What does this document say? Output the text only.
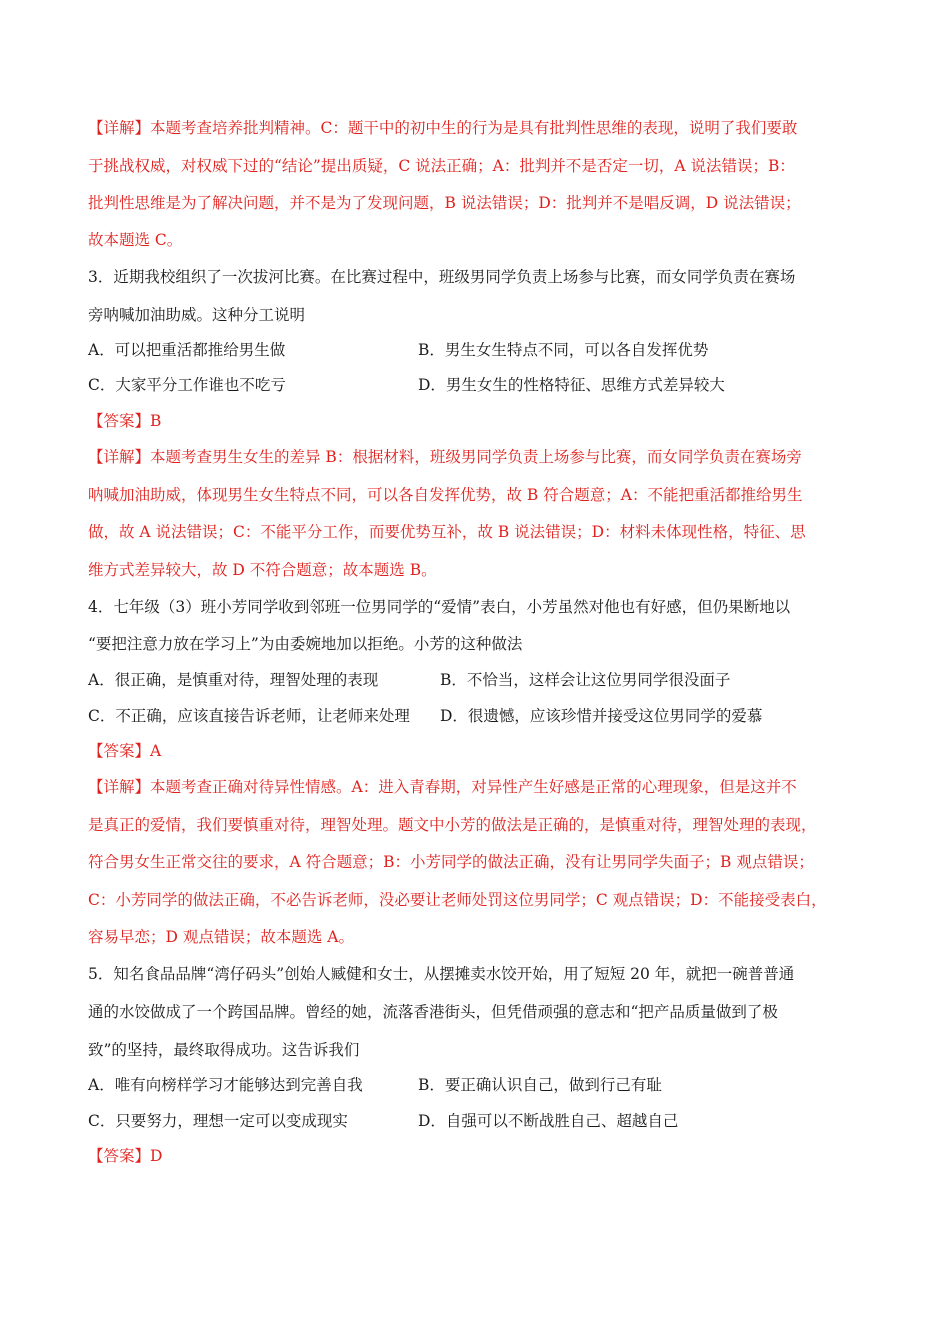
【详解】本题考查培养批判精神。C：题干中的初中生的行为是具有批判性思维的表现，说明了我们要敢
于挑战权威，对权威下过的“结论”提出质疑，C 说法正确；A：批判并不是否定一切，A 说法错误；B：
批判性思维是为了解决问题，并不是为了发现问题，B 说法错误；D：批判并不是唱反调，D 说法错误；
故本题选 C。
3．近期我校组织了一次拔河比赛。在比赛过程中，班级男同学负责上场参与比赛，而女同学负责在赛场
旁呐喊加油助威。这种分工说明
A．可以把重活都推给男生做	B．男生女生特点不同，可以各自发挥优势
C．大家平分工作谁也不吃亏	D．男生女生的性格特征、思维方式差异较大
【答案】B
【详解】本题考查男生女生的差异 B：根据材料，班级男同学负责上场参与比赛，而女同学负责在赛场旁
呐喊加油助威，体现男生女生特点不同，可以各自发挥优势，故 B 符合题意；A：不能把重活都推给男生
做，故 A 说法错误；C：不能平分工作，而要优势互补，故 B 说法错误；D：材料未体现性格，特征、思
维方式差异较大，故 D 不符合题意；故本题选 B。
4．七年级（3）班小芳同学收到邻班一位男同学的“爱情”表白，小芳虽然对他也有好感，但仍果断地以
“要把注意力放在学习上”为由委婉地加以拒绝。小芳的这种做法
A．很正确，是慎重对待，理智处理的表现	B．不恰当，这样会让这位男同学很没面子
C．不正确，应该直接告诉老师，让老师来处理 D．很遗憾，应该珍惜并接受这位男同学的爱慕
【答案】A
【详解】本题考查正确对待异性情感。A：进入青春期，对异性产生好感是正常的心理现象，但是这并不
是真正的爱情，我们要慎重对待，理智处理。题文中小芳的做法是正确的，是慎重对待，理智处理的表现，
符合男女生正常交往的要求，A 符合题意；B：小芳同学的做法正确，没有让男同学失面子；B 观点错误；
C：小芳同学的做法正确，不必告诉老师，没必要让老师处罚这位男同学；C 观点错误；D：不能接受表白，
容易早恋；D 观点错误；故本题选 A。
5．知名食品品牌“湾仔码头”创始人臧健和女士，从摆摊卖水饺开始，用了短短 20 年，就把一碗普普通
通的水饺做成了一个跨国品牌。曾经的她，流落香港街头，但凭借顽强的意志和“把产品质量做到了极
致”的坚持，最终取得成功。这告诉我们
A．唯有向榜样学习才能够达到完善自我	B．要正确认识自己，做到行己有耻
C．只要努力，理想一定可以变成现实	D．自强可以不断战胜自己、超越自己
【答案】D
